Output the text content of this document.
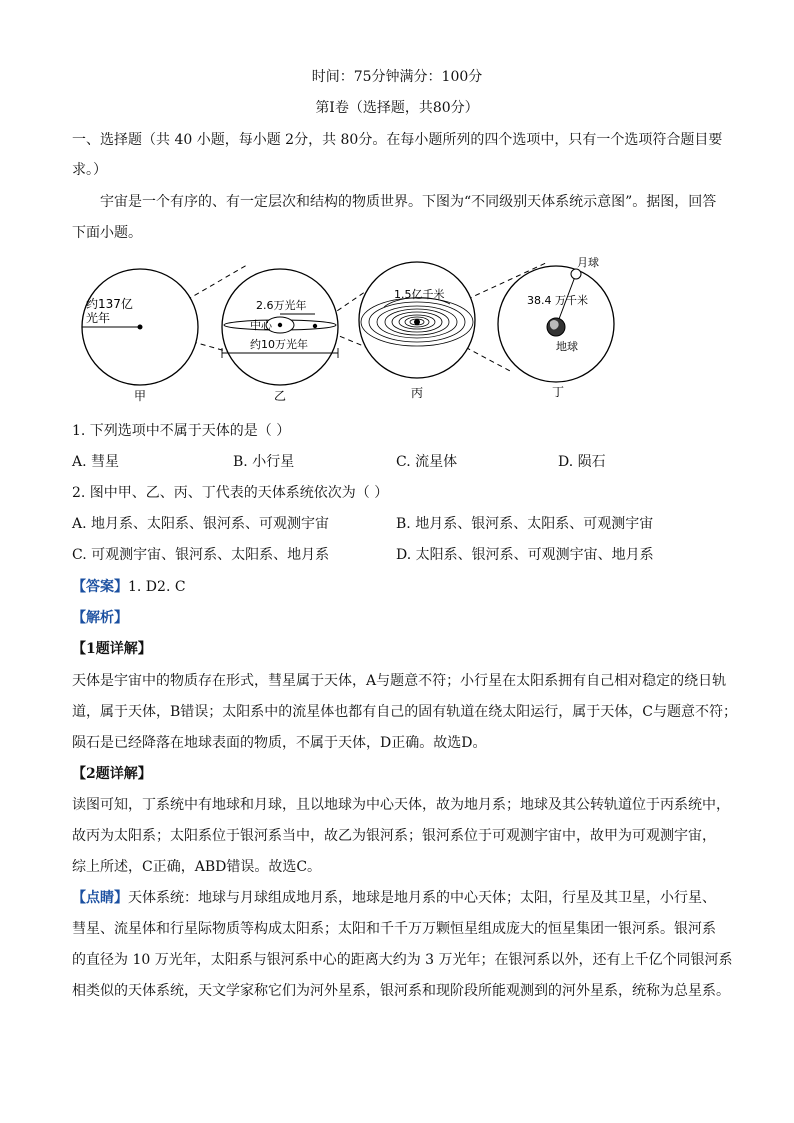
时间：75分钟满分：100分
第Ⅰ卷（选择题，共80分）
一、选择题（共 40 小题，每小题 2分，共 80分。在每小题所列的四个选项中，只有一个选项符合题目要
求。）
宇宙是一个有序的、有一定层次和结构的物质世界。下图为“不同级别天体系统示意图”。据图，回答
下面小题。
约137亿
光年
甲
2.6万光年
中心
约10万光年
乙
1.5亿千米
丙
月球
38.4 万千米
地球
丁
1. 下列选项中不属于天体的是（ ）
A. 彗星	B. 小行星	C. 流星体	D. 陨石
2. 图中甲、乙、丙、丁代表的天体系统依次为（ ）
A. 地月系、太阳系、银河系、可观测宇宙	B. 地月系、银河系、太阳系、可观测宇宙
C. 可观测宇宙、银河系、太阳系、地月系	D. 太阳系、银河系、可观测宇宙、地月系
【答案】1. D2. C
【解析】
【1题详解】
天体是宇宙中的物质存在形式，彗星属于天体，A与题意不符；小行星在太阳系拥有自己相对稳定的绕日轨
道，属于天体，B错误；太阳系中的流星体也都有自己的固有轨道在绕太阳运行，属于天体，C与题意不符；
陨石是已经降落在地球表面的物质，不属于天体，D正确。故选D。
【2题详解】
读图可知，丁系统中有地球和月球，且以地球为中心天体，故为地月系；地球及其公转轨道位于丙系统中，
故丙为太阳系；太阳系位于银河系当中，故乙为银河系；银河系位于可观测宇宙中，故甲为可观测宇宙，
综上所述，C正确，ABD错误。故选C。
【点睛】天体系统：地球与月球组成地月系，地球是地月系的中心天体；太阳，行星及其卫星，小行星、
彗星、流星体和行星际物质等构成太阳系；太阳和千千万万颗恒星组成庞大的恒星集团一银河系。银河系
的直径为 10 万光年，太阳系与银河系中心的距离大约为 3 万光年；在银河系以外，还有上千亿个同银河系
相类似的天体系统，天文学家称它们为河外星系，银河系和现阶段所能观测到的河外星系，统称为总星系。
